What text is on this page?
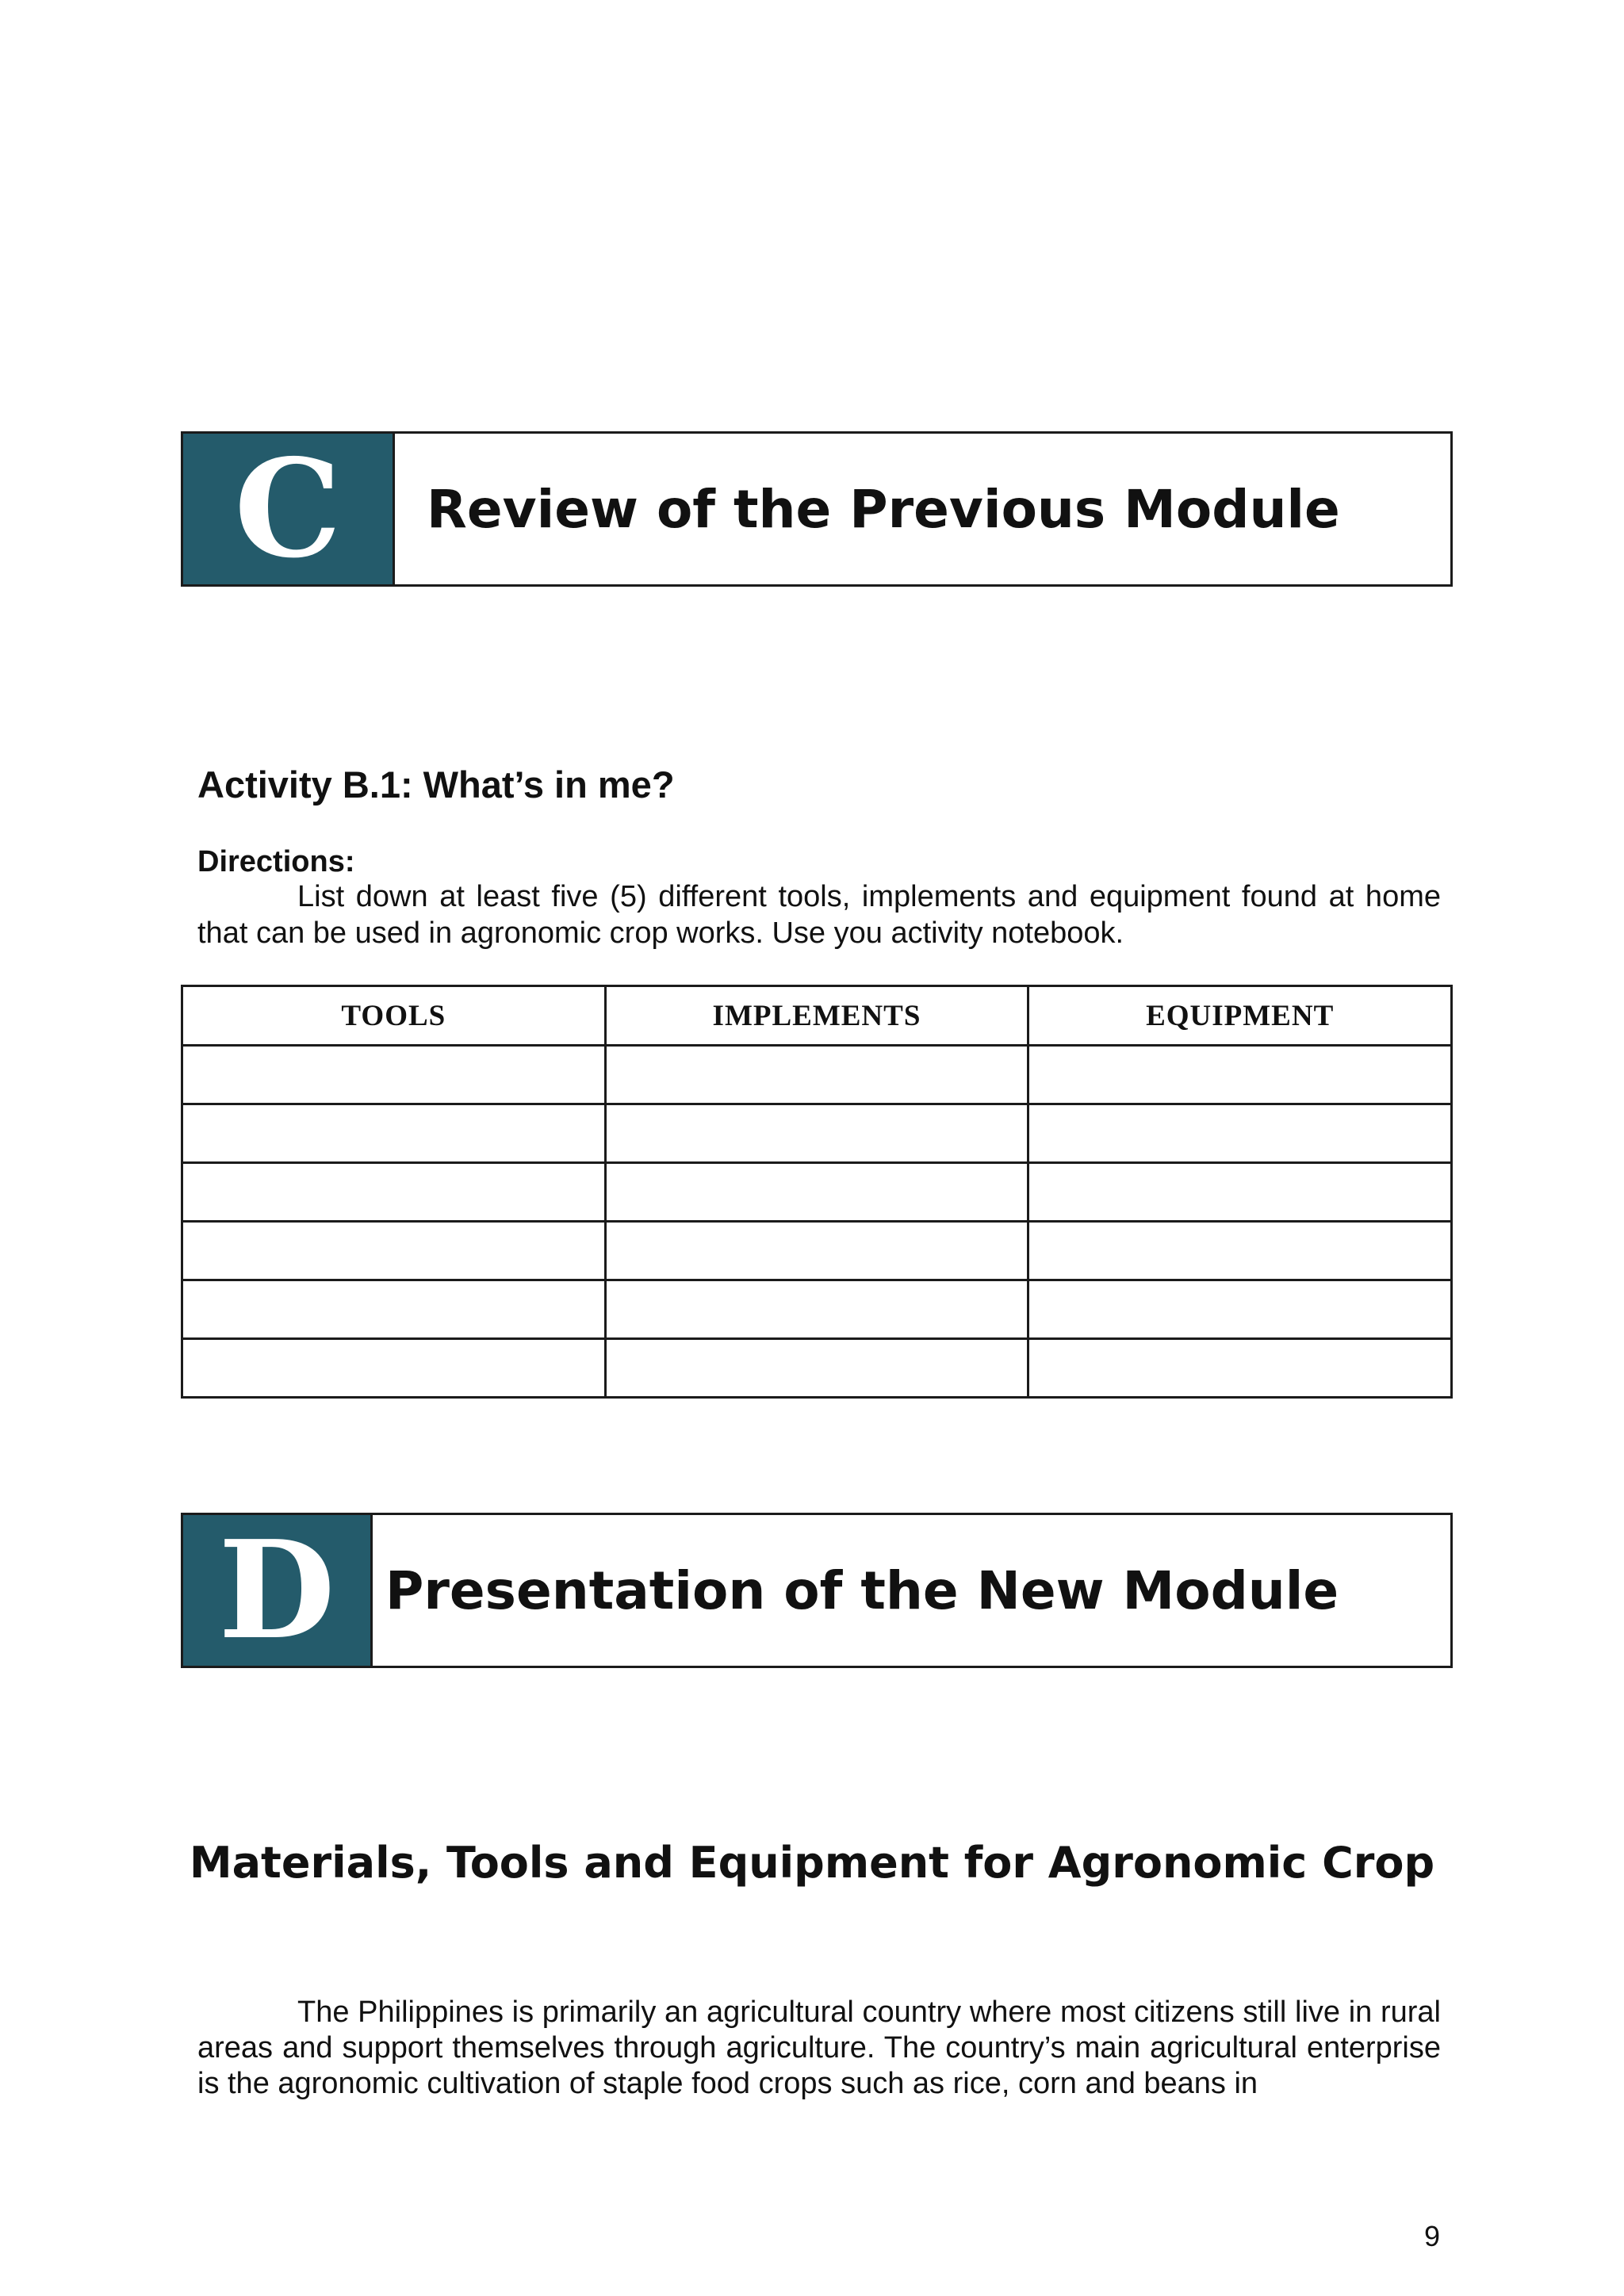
C	Review of the Previous Module
Activity B.1: What’s in me?
Directions:

List down at least five (5) different tools, implements and equipment found at home that can be used in agronomic crop works. Use you activity notebook.

TOOLS	IMPLEMENTS	EQUIPMENT

D Presentation of the New Module
Materials, Tools and Equipment for Agronomic Crop

The Philippines is primarily an agricultural country where most citizens still live in rural areas and support themselves through agriculture. The country’s main agricultural enterprise is the agronomic cultivation of staple food crops such as rice, corn and beans in

9
